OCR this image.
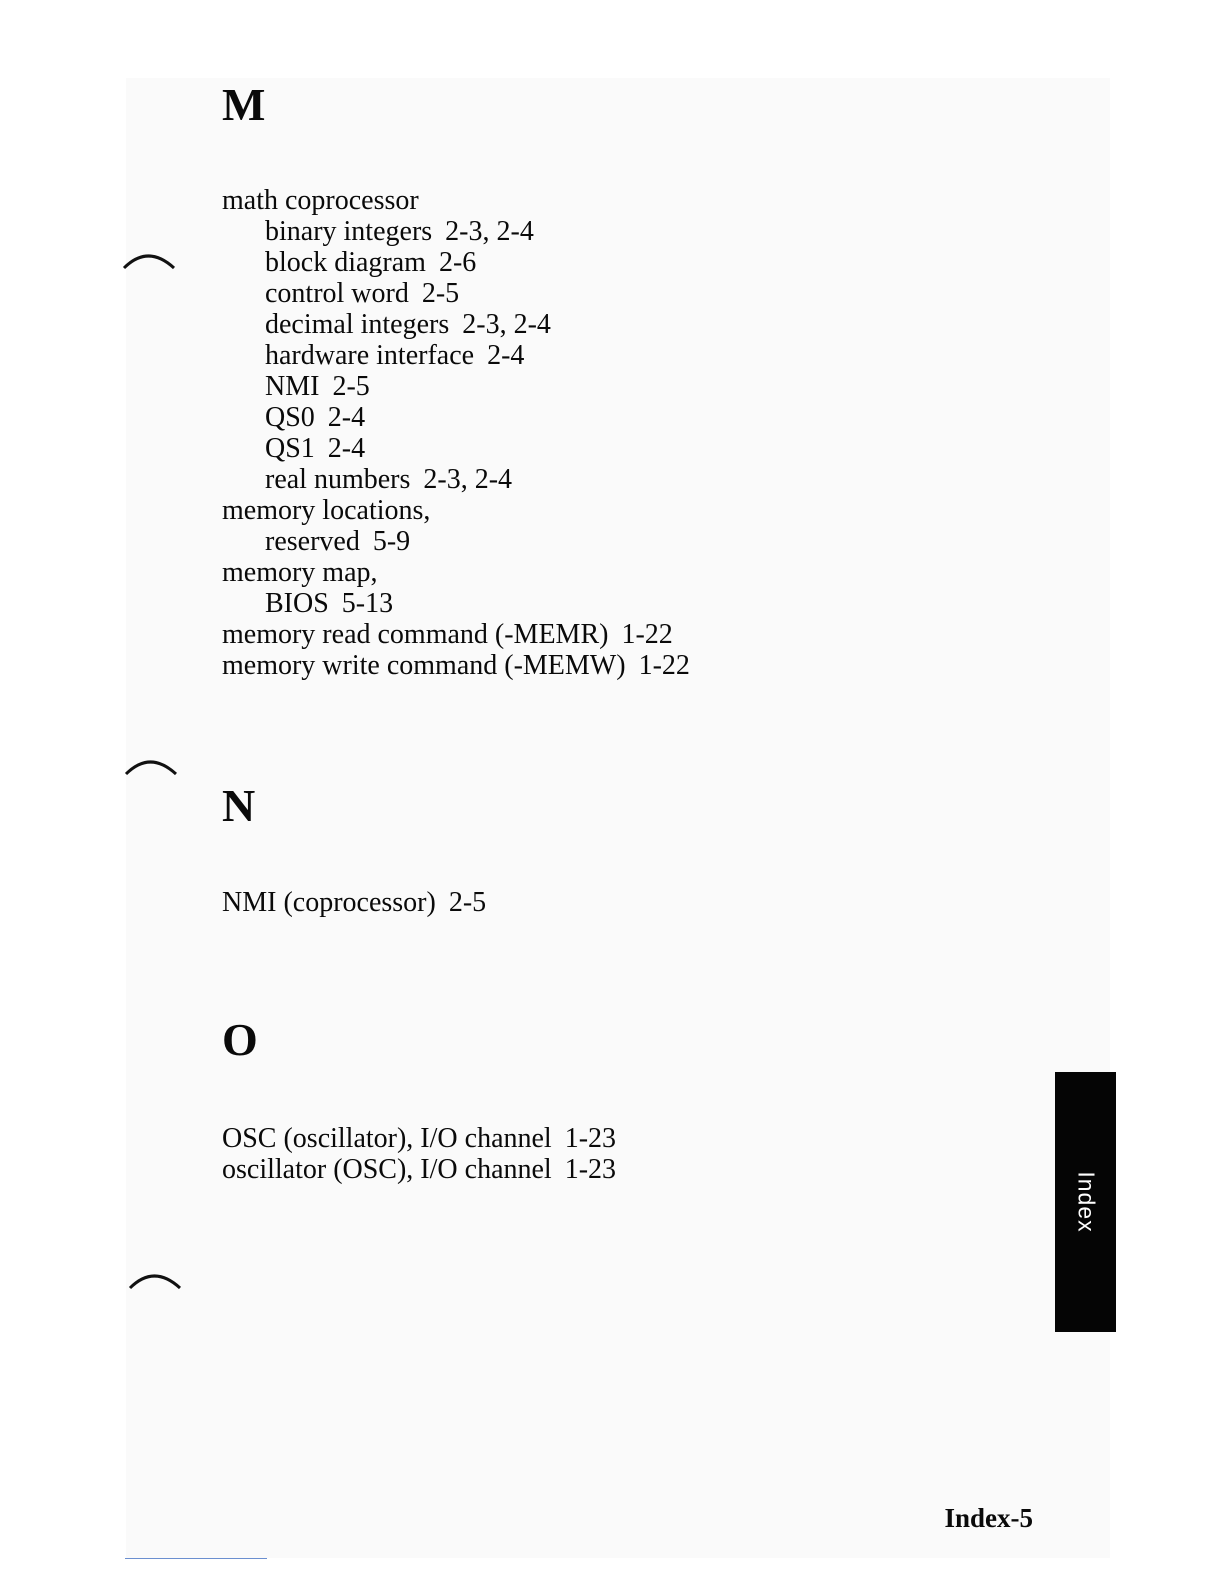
M
math coprocessor
binary integers 2-3, 2-4
block diagram 2-6
control word 2-5
decimal integers 2-3, 2-4
hardware interface 2-4
NMI 2-5
QS0 2-4
QS1 2-4
real numbers 2-3, 2-4
memory locations,
reserved 5-9
memory map,
BIOS 5-13
memory read command (-MEMR) 1-22
memory write command (-MEMW) 1-22
N
NMI (coprocessor) 2-5
O
OSC (oscillator), I/O channel 1-23
oscillator (OSC), I/O channel 1-23
Index
Index-5
